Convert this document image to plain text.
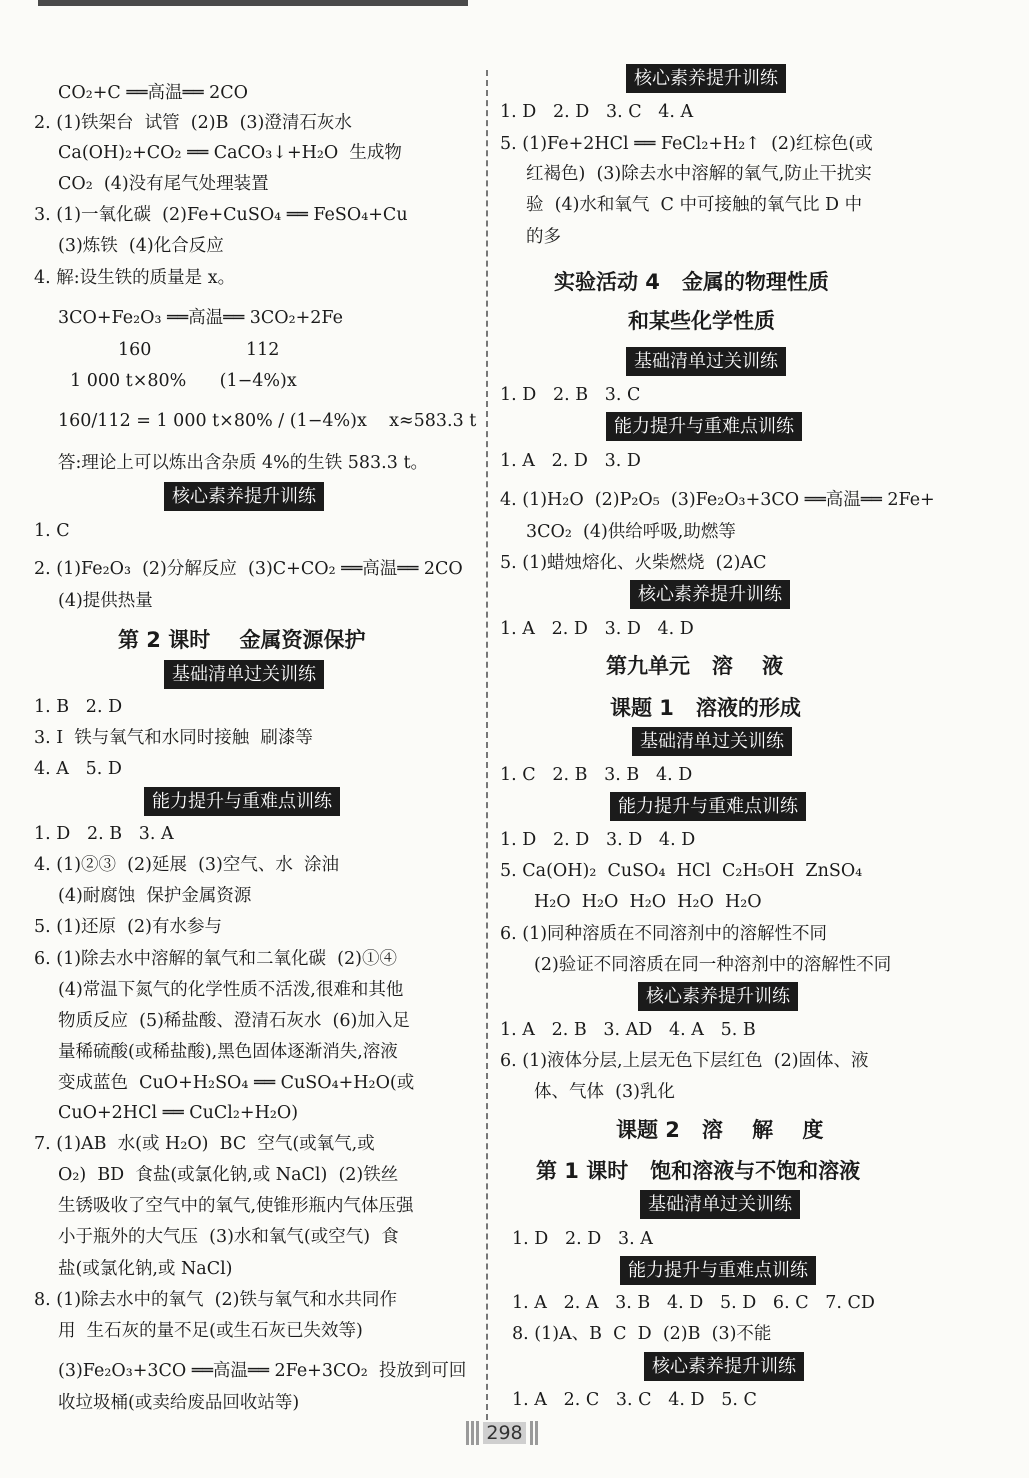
CO₂+C ══高温══ 2CO
2. (1)铁架台  试管  (2)B  (3)澄清石灰水
Ca(OH)₂+CO₂ ══ CaCO₃↓+H₂O  生成物
CO₂  (4)没有尾气处理装置
3. (1)一氧化碳  (2)Fe+CuSO₄ ══ FeSO₄+Cu
(3)炼铁  (4)化合反应
4. 解:设生铁的质量是 x。
3CO+Fe₂O₃ ══高温══ 3CO₂+2Fe
160                 112
1 000 t×80%      (1−4%)x
160/112 = 1 000 t×80% / (1−4%)x    x≈583.3 t
答:理论上可以炼出含杂质 4%的生铁 583.3 t。
核心素养提升训练
1. C
2. (1)Fe₂O₃  (2)分解反应  (3)C+CO₂ ══高温══ 2CO
(4)提供热量
第 2 课时    金属资源保护
基础清单过关训练
1. B   2. D
3. Ⅰ  铁与氧气和水同时接触  刷漆等
4. A   5. D
能力提升与重难点训练
1. D   2. B   3. A
4. (1)②③  (2)延展  (3)空气、水  涂油
(4)耐腐蚀  保护金属资源
5. (1)还原  (2)有水参与
6. (1)除去水中溶解的氧气和二氧化碳  (2)①④
(4)常温下氮气的化学性质不活泼,很难和其他
物质反应  (5)稀盐酸、澄清石灰水  (6)加入足
量稀硫酸(或稀盐酸),黑色固体逐渐消失,溶液
变成蓝色  CuO+H₂SO₄ ══ CuSO₄+H₂O(或
CuO+2HCl ══ CuCl₂+H₂O)
7. (1)AB  水(或 H₂O)  BC  空气(或氧气,或
O₂)  BD  食盐(或氯化钠,或 NaCl)  (2)铁丝
生锈吸收了空气中的氧气,使锥形瓶内气体压强
小于瓶外的大气压  (3)水和氧气(或空气)  食
盐(或氯化钠,或 NaCl)
8. (1)除去水中的氧气  (2)铁与氧气和水共同作
用  生石灰的量不足(或生石灰已失效等)
(3)Fe₂O₃+3CO ══高温══ 2Fe+3CO₂  投放到可回
收垃圾桶(或卖给废品回收站等)
核心素养提升训练
1. D   2. D   3. C   4. A
5. (1)Fe+2HCl ══ FeCl₂+H₂↑  (2)红棕色(或
红褐色)  (3)除去水中溶解的氧气,防止干扰实
验  (4)水和氧气  C 中可接触的氧气比 D 中
的多
实验活动 4   金属的物理性质
和某些化学性质
基础清单过关训练
1. D   2. B   3. C
能力提升与重难点训练
1. A   2. D   3. D
4. (1)H₂O  (2)P₂O₅  (3)Fe₂O₃+3CO ══高温══ 2Fe+
3CO₂  (4)供给呼吸,助燃等
5. (1)蜡烛熔化、火柴燃烧  (2)AC
核心素养提升训练
1. A   2. D   3. D   4. D
第九单元   溶    液
课题 1   溶液的形成
基础清单过关训练
1. C   2. B   3. B   4. D
能力提升与重难点训练
1. D   2. D   3. D   4. D
5. Ca(OH)₂  CuSO₄  HCl  C₂H₅OH  ZnSO₄
H₂O  H₂O  H₂O  H₂O  H₂O
6. (1)同种溶质在不同溶剂中的溶解性不同
(2)验证不同溶质在同一种溶剂中的溶解性不同
核心素养提升训练
1. A   2. B   3. AD   4. A   5. B
6. (1)液体分层,上层无色下层红色  (2)固体、液
体、气体  (3)乳化
课题 2   溶    解    度
第 1 课时   饱和溶液与不饱和溶液
基础清单过关训练
1. D   2. D   3. A
能力提升与重难点训练
1. A   2. A   3. B   4. D   5. D   6. C   7. CD
8. (1)A、B  C  D  (2)B  (3)不能
核心素养提升训练
1. A   2. C   3. C   4. D   5. C
298
